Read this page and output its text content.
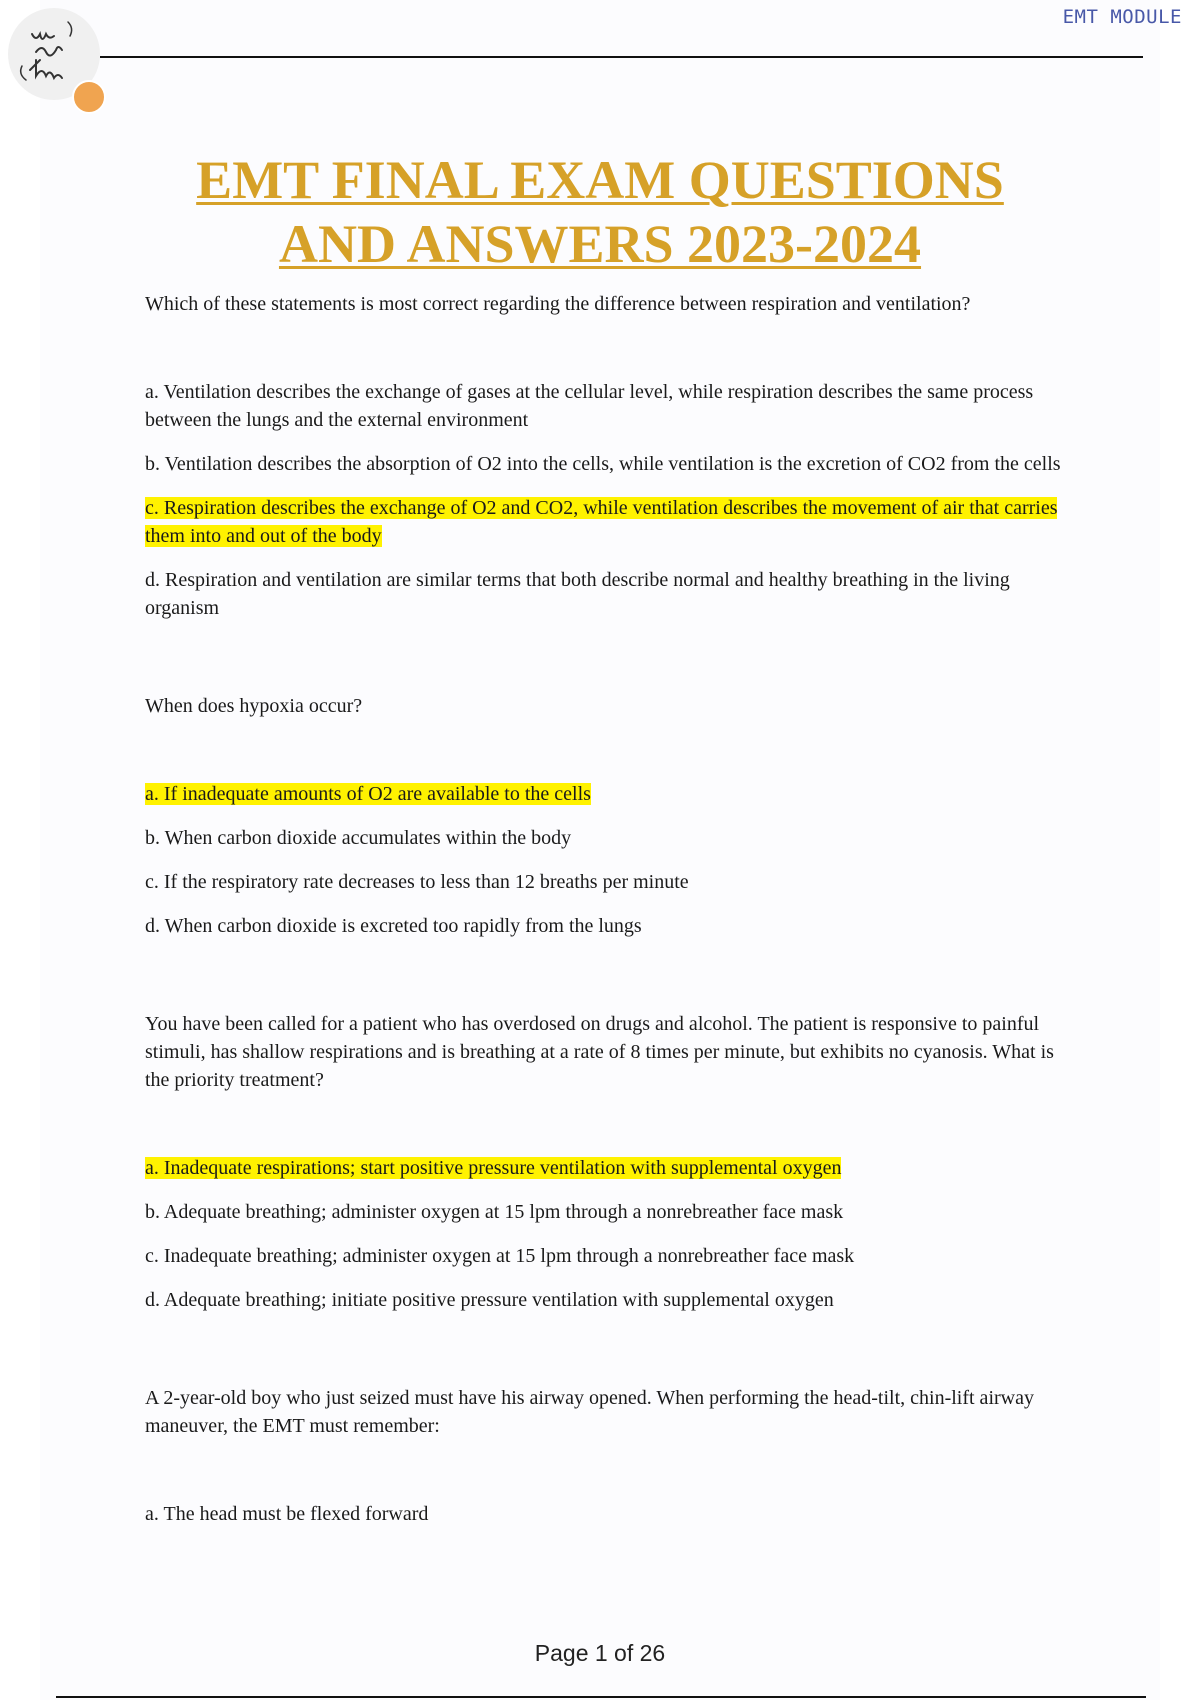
EMT MODULE
EMT FINAL EXAM QUESTIONS
AND ANSWERS 2023-2024

Which of these statements is most correct regarding the difference between respiration and ventilation?

a. Ventilation describes the exchange of gases at the cellular level, while respiration describes the same process between the lungs and the external environment

b. Ventilation describes the absorption of O2 into the cells, while ventilation is the excretion of CO2 from the cells

c. Respiration describes the exchange of O2 and CO2, while ventilation describes the movement of air that carries them into and out of the body

d. Respiration and ventilation are similar terms that both describe normal and healthy breathing in the living organism

When does hypoxia occur?

a. If inadequate amounts of O2 are available to the cells

b. When carbon dioxide accumulates within the body

c. If the respiratory rate decreases to less than 12 breaths per minute

d. When carbon dioxide is excreted too rapidly from the lungs

You have been called for a patient who has overdosed on drugs and alcohol. The patient is responsive to painful stimuli, has shallow respirations and is breathing at a rate of 8 times per minute, but exhibits no cyanosis. What is the priority treatment?

a. Inadequate respirations; start positive pressure ventilation with supplemental oxygen

b. Adequate breathing; administer oxygen at 15 lpm through a nonrebreather face mask

c. Inadequate breathing; administer oxygen at 15 lpm through a nonrebreather face mask

d. Adequate breathing; initiate positive pressure ventilation with supplemental oxygen

A 2-year-old boy who just seized must have his airway opened. When performing the head-tilt, chin-lift airway maneuver, the EMT must remember:

a. The head must be flexed forward

Page 1 of 26
